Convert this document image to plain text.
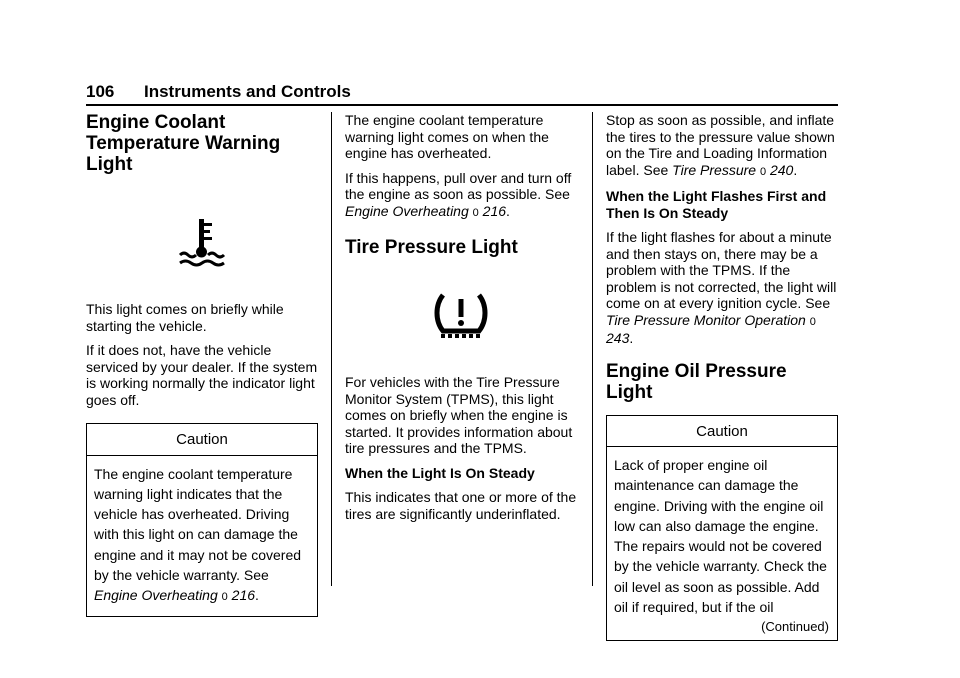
106 Instruments and Controls
Engine Coolant Temperature Warning Light

This light comes on briefly while starting the vehicle.

If it does not, have the vehicle serviced by your dealer. If the system is working normally the indicator light goes off.

Caution
The engine coolant temperature warning light indicates that the vehicle has overheated. Driving with this light on can damage the engine and it may not be covered by the vehicle warranty. See Engine Overheating 0 216.

The engine coolant temperature warning light comes on when the engine has overheated.

If this happens, pull over and turn off the engine as soon as possible. See Engine Overheating 0 216.

Tire Pressure Light

For vehicles with the Tire Pressure Monitor System (TPMS), this light comes on briefly when the engine is started. It provides information about tire pressures and the TPMS.

When the Light Is On Steady

This indicates that one or more of the tires are significantly underinflated.

Stop as soon as possible, and inflate the tires to the pressure value shown on the Tire and Loading Information label. See Tire Pressure 0 240.

When the Light Flashes First and Then Is On Steady

If the light flashes for about a minute and then stays on, there may be a problem with the TPMS. If the problem is not corrected, the light will come on at every ignition cycle. See Tire Pressure Monitor Operation 0 243.

Engine Oil Pressure Light
Caution
Lack of proper engine oil maintenance can damage the engine. Driving with the engine oil low can also damage the engine. The repairs would not be covered by the vehicle warranty. Check the oil level as soon as possible. Add oil if required, but if the oil
(Continued)
